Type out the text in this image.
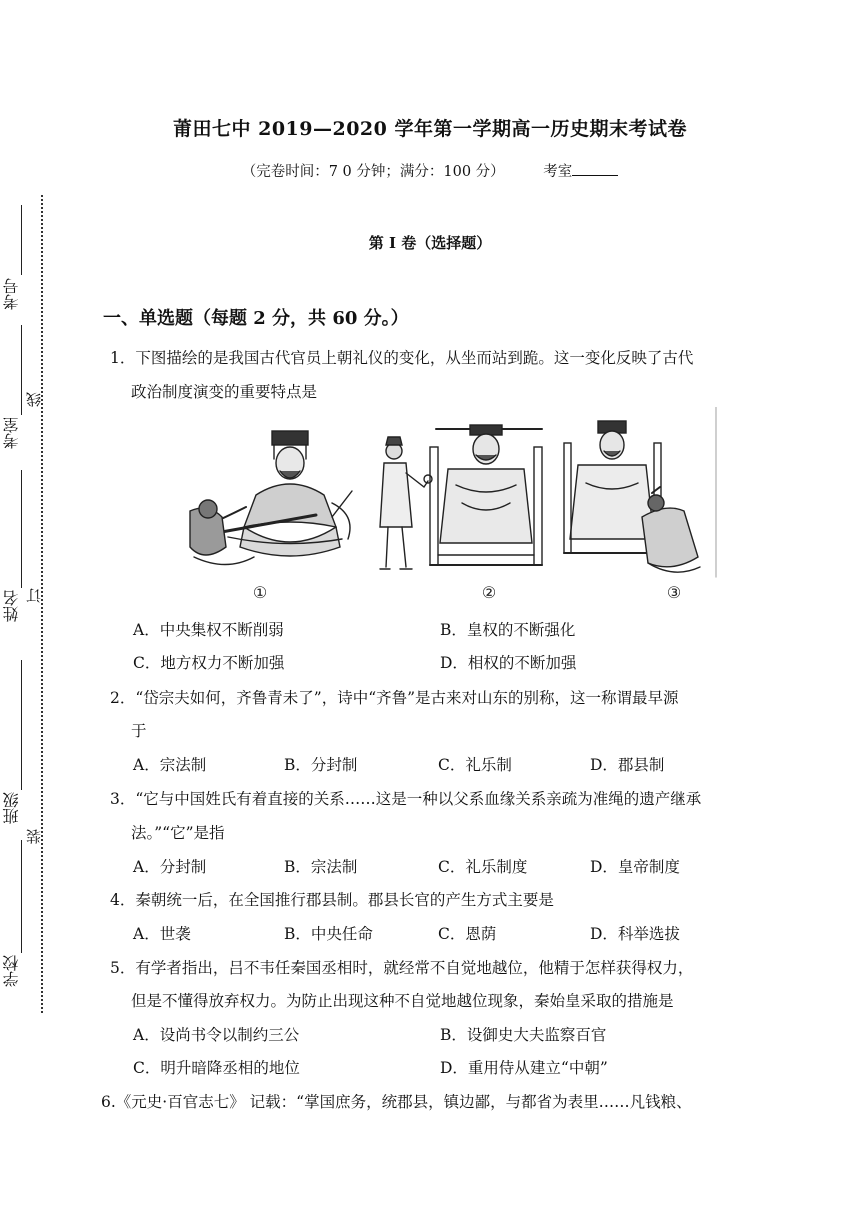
考号
考室
姓名
班级
学校
线
订
装
莆田七中 2019—2020 学年第一学期高一历史期末考试卷
（完卷时间：7 0 分钟；满分：100 分）	考室
第 I 卷（选择题）
一、单选题（每题 2 分，共 60 分。）
1．下图描绘的是我国古代官员上朝礼仪的变化，从坐而站到跪。这一变化反映了古代
政治制度演变的重要特点是
①	②	③
A．中央集权不断削弱	B．皇权的不断强化
C．地方权力不断加强	D．相权的不断加强
2．“岱宗夫如何，齐鲁青未了”，诗中“齐鲁”是古来对山东的别称，这一称谓最早源
于
A．宗法制	B．分封制	C．礼乐制	D．郡县制
3．“它与中国姓氏有着直接的关系……这是一种以父系血缘关系亲疏为准绳的遗产继承
法。”“它”是指
A．分封制	B．宗法制	C．礼乐制度	D．皇帝制度
4．秦朝统一后，在全国推行郡县制。郡县长官的产生方式主要是
A．世袭	B．中央任命	C．恩荫	D．科举选拔
5．有学者指出，吕不韦任秦国丞相时，就经常不自觉地越位，他精于怎样获得权力，
但是不懂得放弃权力。为防止出现这种不自觉地越位现象，秦始皇采取的措施是
A．设尚书令以制约三公	B．设御史大夫监察百官
C．明升暗降丞相的地位	D．重用侍从建立“中朝”
6.《元史·百官志七》 记载：“掌国庶务，统郡县，镇边鄙，与都省为表里……凡钱粮、
